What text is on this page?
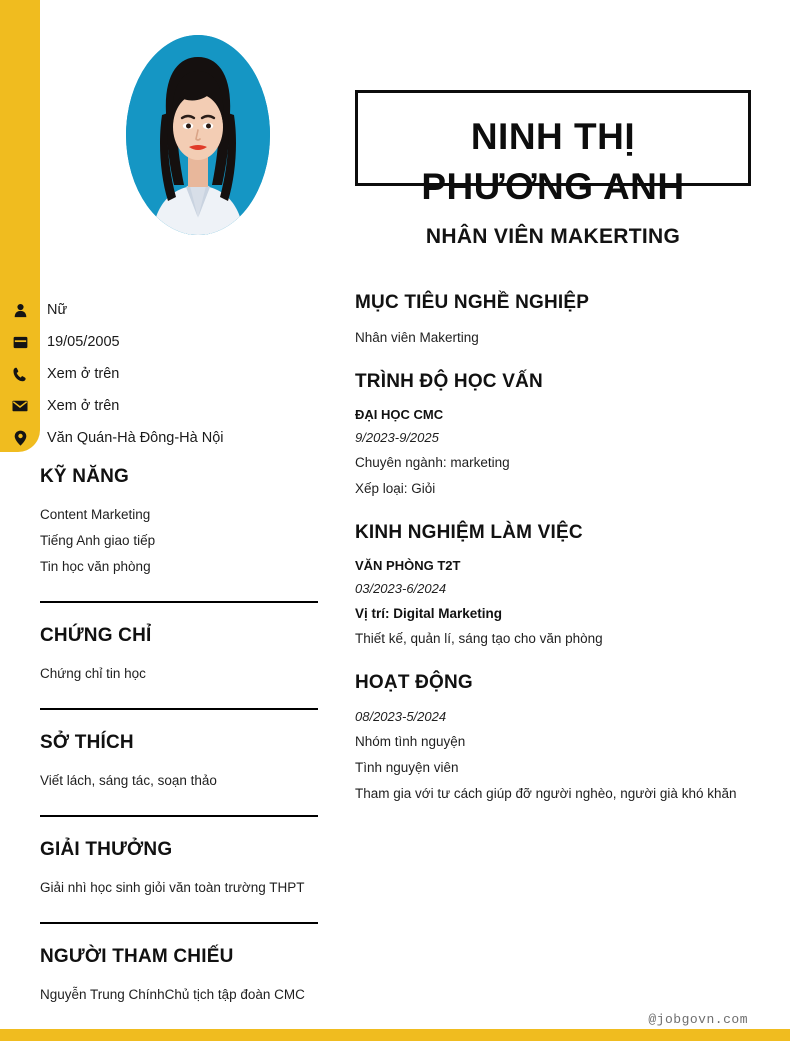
NINH THỊ
PHƯƠNG ANH
NHÂN VIÊN MAKERTING
Nữ
19/05/2005
Xem ở trên
Xem ở trên
Văn Quán-Hà Đông-Hà Nội
KỸ NĂNG
Content Marketing
Tiếng Anh giao tiếp
Tin học văn phòng
CHỨNG CHỈ
Chứng chỉ tin học
SỞ THÍCH
Viết lách, sáng tác, soạn thảo
GIẢI THƯỞNG
Giải nhì học sinh giỏi văn toàn trường THPT
NGƯỜI THAM CHIẾU
Nguyễn Trung ChínhChủ tịch tập đoàn CMC
MỤC TIÊU NGHỀ NGHIỆP
Nhân viên Makerting
TRÌNH ĐỘ HỌC VẤN
ĐẠI HỌC CMC
9/2023-9/2025
Chuyên ngành: marketing
Xếp loại: Giỏi
KINH NGHIỆM LÀM VIỆC
VĂN PHÒNG T2T
03/2023-6/2024
Vị trí: Digital Marketing
Thiết kế, quản lí, sáng tạo cho văn phòng
HOẠT ĐỘNG
08/2023-5/2024
Nhóm tình nguyện
Tình nguyện viên
Tham gia với tư cách giúp đỡ người nghèo, người già khó khăn
@jobgovn.com
